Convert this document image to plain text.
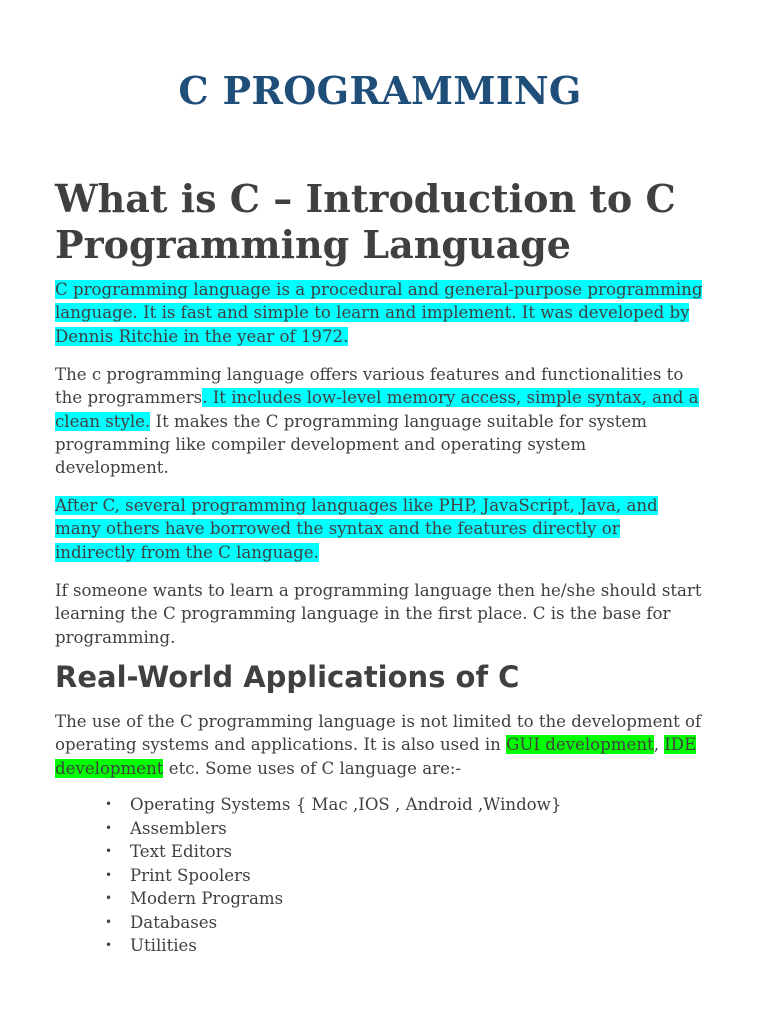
C PROGRAMMING
What is C – Introduction to C Programming Language

C programming language is a procedural and general-purpose programming language. It is fast and simple to learn and implement. It was developed by Dennis Ritchie in the year of 1972.

The c programming language offers various features and functionalities to the programmers. It includes low-level memory access, simple syntax, and a clean style. It makes the C programming language suitable for system programming like compiler development and operating system development.

After C, several programming languages like PHP, JavaScript, Java, and many others have borrowed the syntax and the features directly or indirectly from the C language.

If someone wants to learn a programming language then he/she should start learning the C programming language in the first place. C is the base for programming.

Real-World Applications of C

The use of the C programming language is not limited to the development of operating systems and applications. It is also used in GUI development, IDE development etc. Some uses of C language are:-

• Operating Systems { Mac ,IOS , Android ,Window}
• Assemblers
• Text Editors
• Print Spoolers
• Modern Programs
• Databases
• Utilities
